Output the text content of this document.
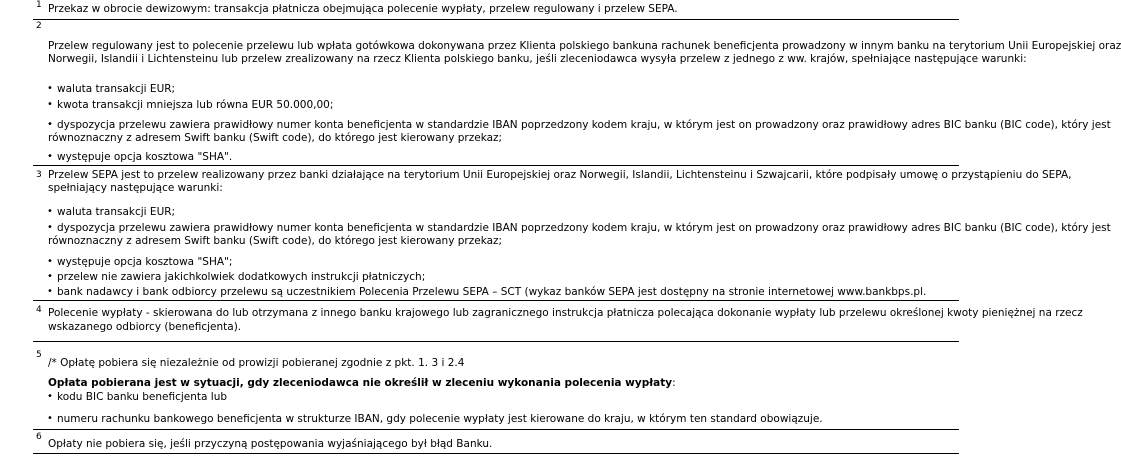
1 Przekaz w obrocie dewizowym: transakcja płatnicza obejmująca polecenie wypłaty, przelew regulowany i przelew SEPA.
2
Przelew regulowany jest to polecenie przelewu lub wpłata gotówkowa dokonywana przez Klienta polskiego bankuna rachunek beneficjenta prowadzony w innym banku na terytorium Unii Europejskiej oraz
Norwegii, Islandii i Lichtensteinu lub przelew zrealizowany na rzecz Klienta polskiego banku, jeśli zleceniodawca wysyła przelew z jednego z ww. krajów, spełniające następujące warunki:
• waluta transakcji EUR;
• kwota transakcji mniejsza lub równa EUR 50.000,00;
• dyspozycja przelewu zawiera prawidłowy numer konta beneficjenta w standardzie IBAN poprzedzony kodem kraju, w którym jest on prowadzony oraz prawidłowy adres BIC banku (BIC code), który jest
równoznaczny z adresem Swift banku (Swift code), do którego jest kierowany przekaz;
• występuje opcja kosztowa "SHA".
3 Przelew SEPA jest to przelew realizowany przez banki działające na terytorium Unii Europejskiej oraz Norwegii, Islandii, Lichtensteinu i Szwajcarii, które podpisały umowę o przystąpieniu do SEPA,
spełniający następujące warunki:
• waluta transakcji EUR;
• dyspozycja przelewu zawiera prawidłowy numer konta beneficjenta w standardzie IBAN poprzedzony kodem kraju, w którym jest on prowadzony oraz prawidłowy adres BIC banku (BIC code), który jest
równoznaczny z adresem Swift banku (Swift code), do którego jest kierowany przekaz;
• występuje opcja kosztowa "SHA";
• przelew nie zawiera jakichkolwiek dodatkowych instrukcji płatniczych;
• bank nadawcy i bank odbiorcy przelewu są uczestnikiem Polecenia Przelewu SEPA – SCT (wykaz banków SEPA jest dostępny na stronie internetowej www.bankbps.pl.
4 Polecenie wypłaty - skierowana do lub otrzymana z innego banku krajowego lub zagranicznego instrukcja płatnicza polecająca dokonanie wypłaty lub przelewu określonej kwoty pieniężnej na rzecz
wskazanego odbiorcy (beneficjenta).
5
/* Opłatę pobiera się niezależnie od prowizji pobieranej zgodnie z pkt. 1. 3 i 2.4
Opłata pobierana jest w sytuacji, gdy zleceniodawca nie określił w zleceniu wykonania polecenia wypłaty:
• kodu BIC banku beneficjenta lub
• numeru rachunku bankowego beneficjenta w strukturze IBAN, gdy polecenie wypłaty jest kierowane do kraju, w którym ten standard obowiązuje.
6
Opłaty nie pobiera się, jeśli przyczyną postępowania wyjaśniającego był błąd Banku.
